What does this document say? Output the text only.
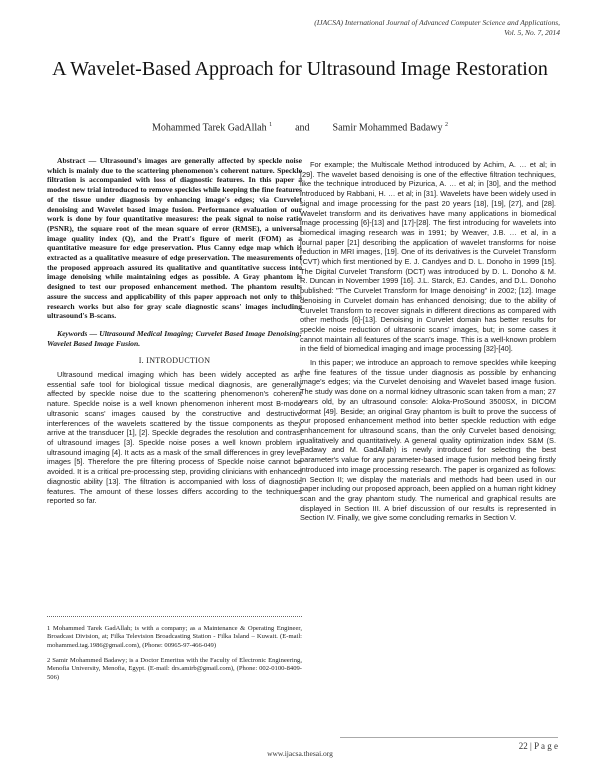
(IJACSA) International Journal of Advanced Computer Science and Applications,
Vol. 5, No. 7, 2014
A Wavelet-Based Approach for Ultrasound Image Restoration
Mohammed Tarek GadAllah $^1$ and Samir Mohammed Badawy $^2$

Abstract — Ultrasound's images are generally affected by speckle noise which is mainly due to the scattering phenomenon's coherent nature. Speckle filtration is accompanied with loss of diagnostic features. In this paper a modest new trial introduced to remove speckles while keeping the fine features of the tissue under diagnosis by enhancing image's edges; via Curvelet denoising and Wavelet based image fusion. Performance evaluation of our work is done by four quantitative measures: the peak signal to noise ratio (PSNR), the square root of the mean square of error (RMSE), a universal image quality index (Q), and the Pratt's figure of merit (FOM) as a quantitative measure for edge preservation. Plus Canny edge map which is extracted as a qualitative measure of edge preservation. The measurements of the proposed approach assured its qualitative and quantitative success into image denoising while maintaining edges as possible. A Gray phantom is designed to test our proposed enhancement method. The phantom results assure the success and applicability of this paper approach not only to this research works but also for gray scale diagnostic scans' images including ultrasound's B-scans.

Keywords — Ultrasound Medical Imaging; Curvelet Based Image Denoising; Wavelet Based Image Fusion.

I. INTRODUCTION

Ultrasound medical imaging which has been widely accepted as an essential safe tool for biological tissue medical diagnosis, are generally affected by speckle noise due to the scattering phenomenon's coherent nature. Speckle noise is a well known phenomenon inherent most B-mode ultrasonic scans' images caused by the constructive and destructive interferences of the wavelets scattered by the tissue components as they arrive at the transducer [1], [2]. Speckle degrades the resolution and contrast of ultrasound images [3]. Speckle noise poses a well known problem in ultrasound imaging [4]. It acts as a mask of the small differences in grey level images [5]. Therefore the pre filtering process of Speckle noise cannot be avoided. It is a critical pre-processing step, providing clinicians with enhanced diagnostic ability [13]. The filtration is accompanied with loss of diagnostic features. The amount of these losses differs according to the techniques reported so far.

For example; the Multiscale Method introduced by Achim, A. … et al; in [29]. The wavelet based denoising is one of the effective filtration techniques, like the technique introduced by Pizurica, A. … et al; in [30], and the method introduced by Rabbani, H. … et al; in [31]. Wavelets have been widely used in signal and image processing for the past 20 years [18], [19], [27], and [28]. Wavelet transform and its derivatives have many applications in biomedical image processing [6]-[13] and [17]-[28]. The first introducing for wavelets into biomedical imaging research was in 1991; by Weaver, J.B. … et al, in a journal paper [21] describing the application of wavelet transforms for noise reduction in MRI images, [19]. One of its derivatives is the Curvelet Transform (CVT) which first mentioned by E. J. Candyes and D. L. Donoho in 1999 [15]. The Digital Curvelet Transform (DCT) was introduced by D. L. Donoho & M. R. Duncan in November 1999 [16]. J.L. Starck, EJ. Candes, and D.L. Donoho published: "The Curvelet Transform for Image denoising" in 2002; [12]. Image denoising in Curvelet domain has enhanced denoising; due to the ability of Curvelet Transform to recover signals in different directions as compared with other methods [6]-[13]. Denoising in Curvelet domain has better results for speckle noise reduction of ultrasonic scans' images, but; in some cases it cannot maintain all features of the scan's image. This is a well-known problem in the field of biomedical imaging and image processing [32]-[40].

In this paper; we introduce an approach to remove speckles while keeping the fine features of the tissue under diagnosis as possible by enhancing image's edges; via the Curvelet denoising and Wavelet based image fusion. The study was done on a normal kidney ultrasonic scan taken from a man; 27 years old, by an ultrasound console: Aloka-ProSound 3500SX, in DICOM format [49]. Beside; an original Gray phantom is built to prove the success of our proposed enhancement method into better speckle reduction with edge enhancement for ultrasound scans, than the only Curvelet based denoising; qualitatively and quantitatively. A general quality optimization index S&M (S. Badawy and M. GadAllah) is newly introduced for selecting the best parameter's value for any parameter-based image fusion method being firstly introduced into image processing research. The paper is organized as follows: In Section II; we display the materials and methods had been used in our paper including our proposed approach, been applied on a human right kidney scan and the gray phantom study. The numerical and graphical results are displayed in Section III. A brief discussion of our results is represented in Section IV. Finally, we give some concluding remarks in Section V.

1 Mohammed Tarek GadAllah; is with a company; as a Maintenance & Operating Engineer, Broadcast Division, at; Filka Television Broadcasting Station - Filka Island – Kuwait. (E-mail: mohammed.tag.1986@gmail.com), (Phone: 00965-97-466-049)
2 Samir Mohammed Badawy; is a Doctor Emeritus with the Faculty of Electronic Engineering, Menofia University, Menofia, Egypt. (E-mail: drs.amirb@gmail.com), (Phone: 002-0100-8409-506)
22 | P a g e
www.ijacsa.thesai.org
